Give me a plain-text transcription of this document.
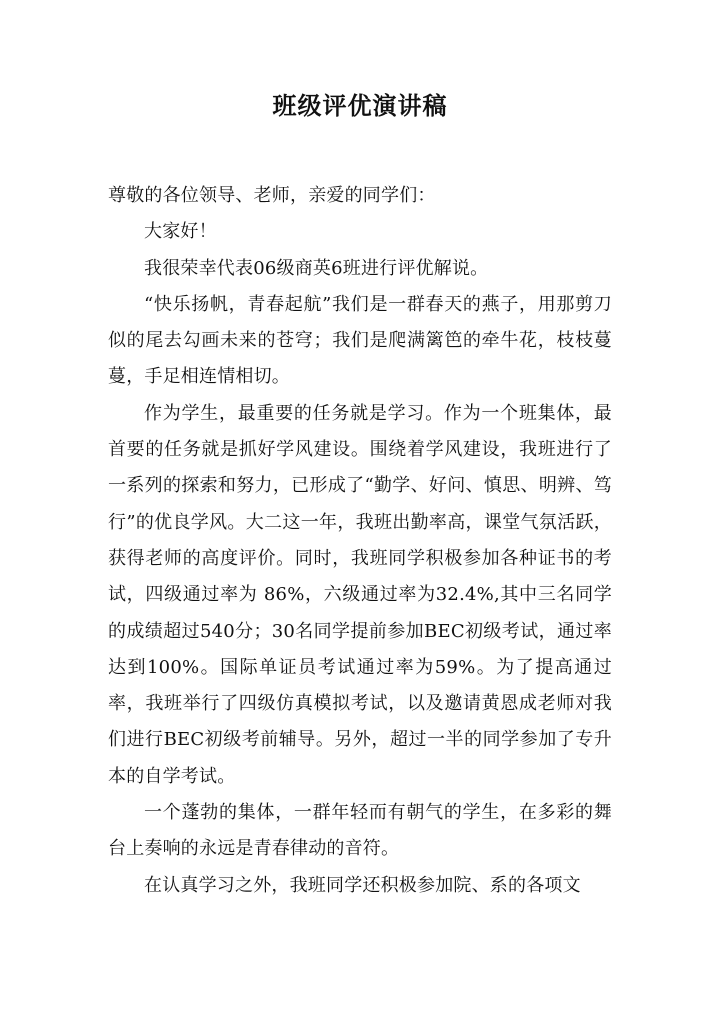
班级评优演讲稿

尊敬的各位领导、老师，亲爱的同学们：

大家好！

我很荣幸代表06级商英6班进行评优解说。

“快乐扬帆，青春起航”我们是一群春天的燕子，用那剪刀似的尾去勾画未来的苍穹；我们是爬满篱笆的牵牛花，枝枝蔓蔓，手足相连情相切。

作为学生，最重要的任务就是学习。作为一个班集体，最首要的任务就是抓好学风建设。围绕着学风建设，我班进行了一系列的探索和努力，已形成了“勤学、好问、慎思、明辨、笃行”的优良学风。大二这一年，我班出勤率高，课堂气氛活跃，获得老师的高度评价。同时，我班同学积极参加各种证书的考试，四级通过率为 86%，六级通过率为32.4%,其中三名同学的成绩超过540分；30名同学提前参加BEC初级考试，通过率达到100%。国际单证员考试通过率为59%。为了提高通过率，我班举行了四级仿真模拟考试，以及邀请黄恩成老师对我们进行BEC初级考前辅导。另外，超过一半的同学参加了专升本的自学考试。

一个蓬勃的集体，一群年轻而有朝气的学生，在多彩的舞台上奏响的永远是青春律动的音符。

在认真学习之外，我班同学还积极参加院、系的各项文
